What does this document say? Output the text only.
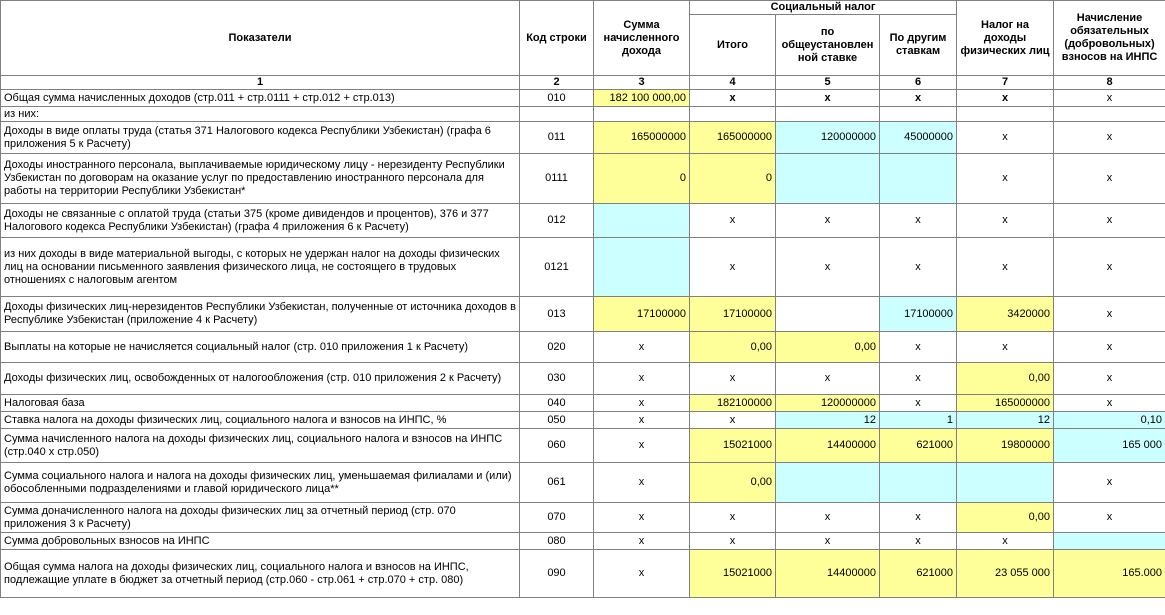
Показатели	Код строки	Сумма начисленного дохода	Социальный налог			Налог на доходы физических лиц	Начисление обязательных (добровольных) взносов на ИНПС
			Итого	по общеустановлен ной ставке	По другим ставкам		
1	2	3	4	5	6	7	8
Общая сумма начисленных доходов (стр.011 + стр.0111 + стр.012 + стр.013)	010	182 100 000,00	x	x	x	x	x
из них:							
Доходы в виде оплаты труда (статья 371 Налогового кодекса Республики Узбекистан) (графа 6 приложения 5 к Расчету)	011	165000000	165000000	120000000	45000000	x	x
Доходы иностранного персонала, выплачиваемые юридическому лицу - нерезиденту Республики Узбекистан по договорам на оказание услуг по предоставлению иностранного персонала для работы на территории Республики Узбекистан*	0111	0	0			x	x
Доходы не связанные с оплатой труда (статьи 375 (кроме дивидендов и процентов), 376 и 377 Налогового кодекса Республики Узбекистан) (графа 4 приложения 6 к Расчету)	012		x	x	x	x	x
из них доходы в виде материальной выгоды, с которых не удержан налог на доходы физических лиц на основании письменного заявления физического лица, не состоящего в трудовых отношениях с налоговым агентом	0121		x	x	x	x	x
Доходы физических лиц-нерезидентов Республики Узбекистан, полученные от источника доходов в Республике Узбекистан (приложение 4 к Расчету)	013	17100000	17100000		17100000	3420000	x
Выплаты на которые не начисляется социальный налог (стр. 010 приложения 1 к Расчету)	020	x	0,00	0,00	x	x	x
Доходы физических лиц, освобожденных от налогообложения (стр. 010 приложения 2 к Расчету)	030	x	x	x	x	0,00	x
Налоговая база	040	x	182100000	120000000	x	165000000	x
Ставка налога на доходы физических лиц, социального налога и взносов на ИНПС, %	050	x	x	12	1	12	0,10
Сумма начисленного налога на доходы физических лиц, социального налога и взносов на ИНПС (стр.040 х стр.050)	060	x	15021000	14400000	621000	19800000	165 000
Сумма социального налога и налога на доходы физических лиц, уменьшаемая филиалами и (или) обособленными подразделениями и главой юридического лица**	061	x	0,00				x
Сумма доначисленного налога на доходы физических лиц за отчетный период (стр. 070 приложения 3 к Расчету)	070	x	x	x	x	0,00	x
Сумма добровольных взносов на ИНПС	080	x	x	x	x	x	
Общая сумма налога на доходы физических лиц, социального налога и взносов на ИНПС, подлежащие уплате в бюджет за отчетный период (стр.060 - стр.061 + стр.070 + стр. 080)	090	x	15021000	14400000	621000	23 055 000	165.000
